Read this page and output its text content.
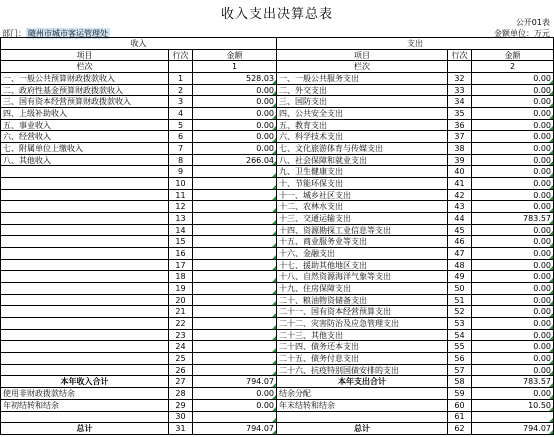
收入支出决算总表
公开01表
部门： 随州市城市客运管理处	金额单位：万元
收入			支出		
项目	行次	金额	项目	行次	金额
栏次		1	栏次		2
一、一般公共预算财政拨款收入	1	528.03	一、一般公共服务支出	32	0.00
二、政府性基金预算财政拨款收入	2	0.00	二、外交支出	33	0.00
三、国有资本经营预算财政拨款收入	3	0.00	三、国防支出	34	0.00
四、上级补助收入	4	0.00	四、公共安全支出	35	0.00
五、事业收入	5	0.00	五、教育支出	36	0.00
六、经营收入	6	0.00	六、科学技术支出	37	0.00
七、附属单位上缴收入	7	0.00	七、文化旅游体育与传媒支出	38	0.00
八、其他收入	8	266.04	八、社会保障和就业支出	39	0.00
	9		九、卫生健康支出	40	0.00
	10		十、节能环保支出	41	0.00
	11		十一、城乡社区支出	42	0.00
	12		十二、农林水支出	43	0.00
	13		十三、交通运输支出	44	783.57
	14		十四、资源勘探工业信息等支出	45	0.00
	15		十五、商业服务业等支出	46	0.00
	16		十六、金融支出	47	0.00
	17		十七、援助其他地区支出	48	0.00
	18		十八、自然资源海洋气象等支出	49	0.00
	19		十九、住房保障支出	50	0.00
	20		二十、粮油物资储备支出	51	0.00
	21		二十一、国有资本经营预算支出	52	0.00
	22		二十二、灾害防治及应急管理支出	53	0.00
	23		二十三、其他支出	54	0.00
	24		二十四、债务还本支出	55	0.00
	25		二十五、债务付息支出	56	0.00
	26		二十六、抗疫特别国债安排的支出	57	0.00
本年收入合计	27	794.07	本年支出合计	58	783.57
使用非财政拨款结余	28	0.00	结余分配	59	0.00
年初结转和结余	29	0.00	年末结转和结余	60	10.50
	30			61	
总计	31	794.07	总计	62	794.07
